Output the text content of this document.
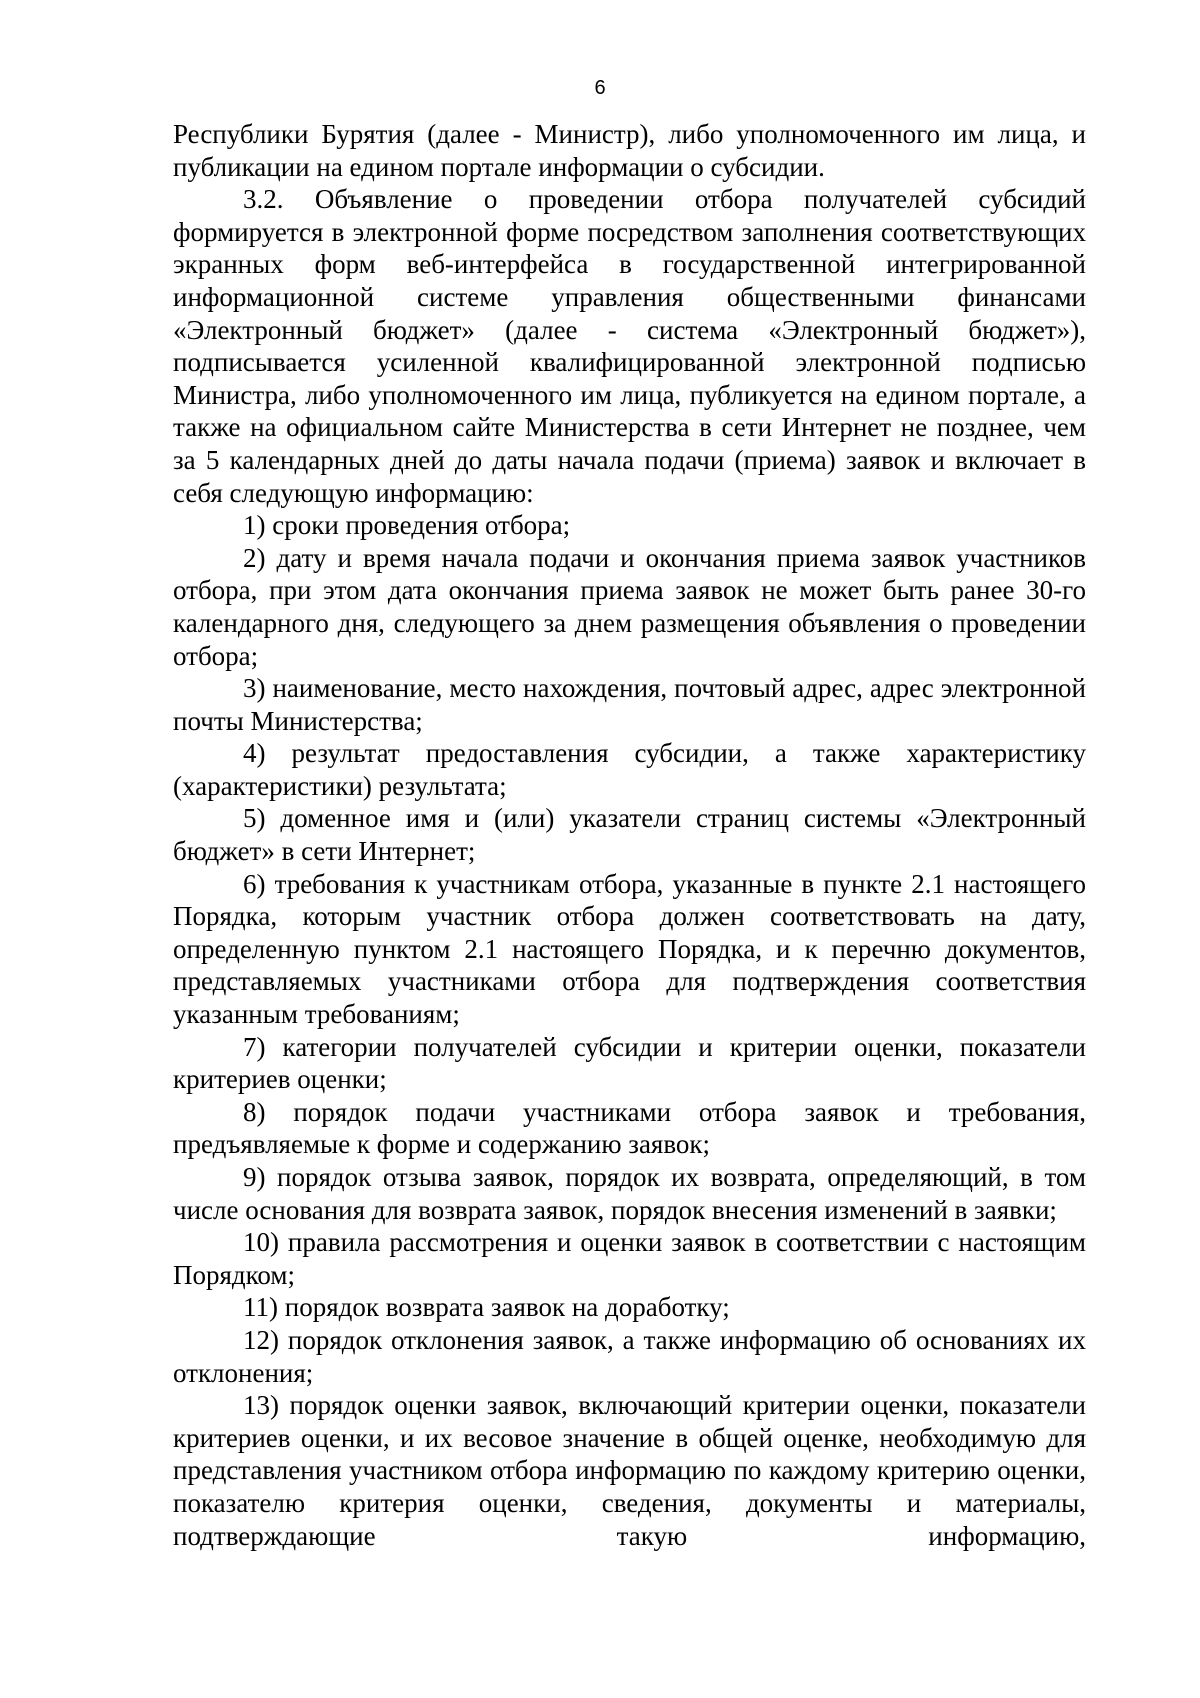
6

Республики Бурятия (далее - Министр), либо уполномоченного им лица, и публикации на едином портале информации о субсидии.

3.2. Объявление о проведении отбора получателей субсидий формируется в электронной форме посредством заполнения соответствующих экранных форм веб-интерфейса в государственной интегрированной информационной системе управления общественными финансами «Электронный бюджет» (далее - система «Электронный бюджет»), подписывается усиленной квалифицированной электронной подписью Министра, либо уполномоченного им лица, публикуется на едином портале, а также на официальном сайте Министерства в сети Интернет не позднее, чем за 5 календарных дней до даты начала подачи (приема) заявок и включает в себя следующую информацию:

1) сроки проведения отбора;

2) дату и время начала подачи и окончания приема заявок участников отбора, при этом дата окончания приема заявок не может быть ранее 30-го календарного дня, следующего за днем размещения объявления о проведении отбора;

3) наименование, место нахождения, почтовый адрес, адрес электронной почты Министерства;

4) результат предоставления субсидии, а также характеристику (характеристики) результата;

5) доменное имя и (или) указатели страниц системы «Электронный бюджет» в сети Интернет;

6) требования к участникам отбора, указанные в пункте 2.1 настоящего Порядка, которым участник отбора должен соответствовать на дату, определенную пунктом 2.1 настоящего Порядка, и к перечню документов, представляемых участниками отбора для подтверждения соответствия указанным требованиям;

7) категории получателей субсидии и критерии оценки, показатели критериев оценки;

8) порядок подачи участниками отбора заявок и требования, предъявляемые к форме и содержанию заявок;

9) порядок отзыва заявок, порядок их возврата, определяющий, в том числе основания для возврата заявок, порядок внесения изменений в заявки;

10) правила рассмотрения и оценки заявок в соответствии с настоящим Порядком;

11) порядок возврата заявок на доработку;

12) порядок отклонения заявок, а также информацию об основаниях их отклонения;

13) порядок оценки заявок, включающий критерии оценки, показатели критериев оценки, и их весовое значение в общей оценке, необходимую для представления участником отбора информацию по каждому критерию оценки, показателю критерия оценки, сведения, документы и материалы, подтверждающие такую информацию,
